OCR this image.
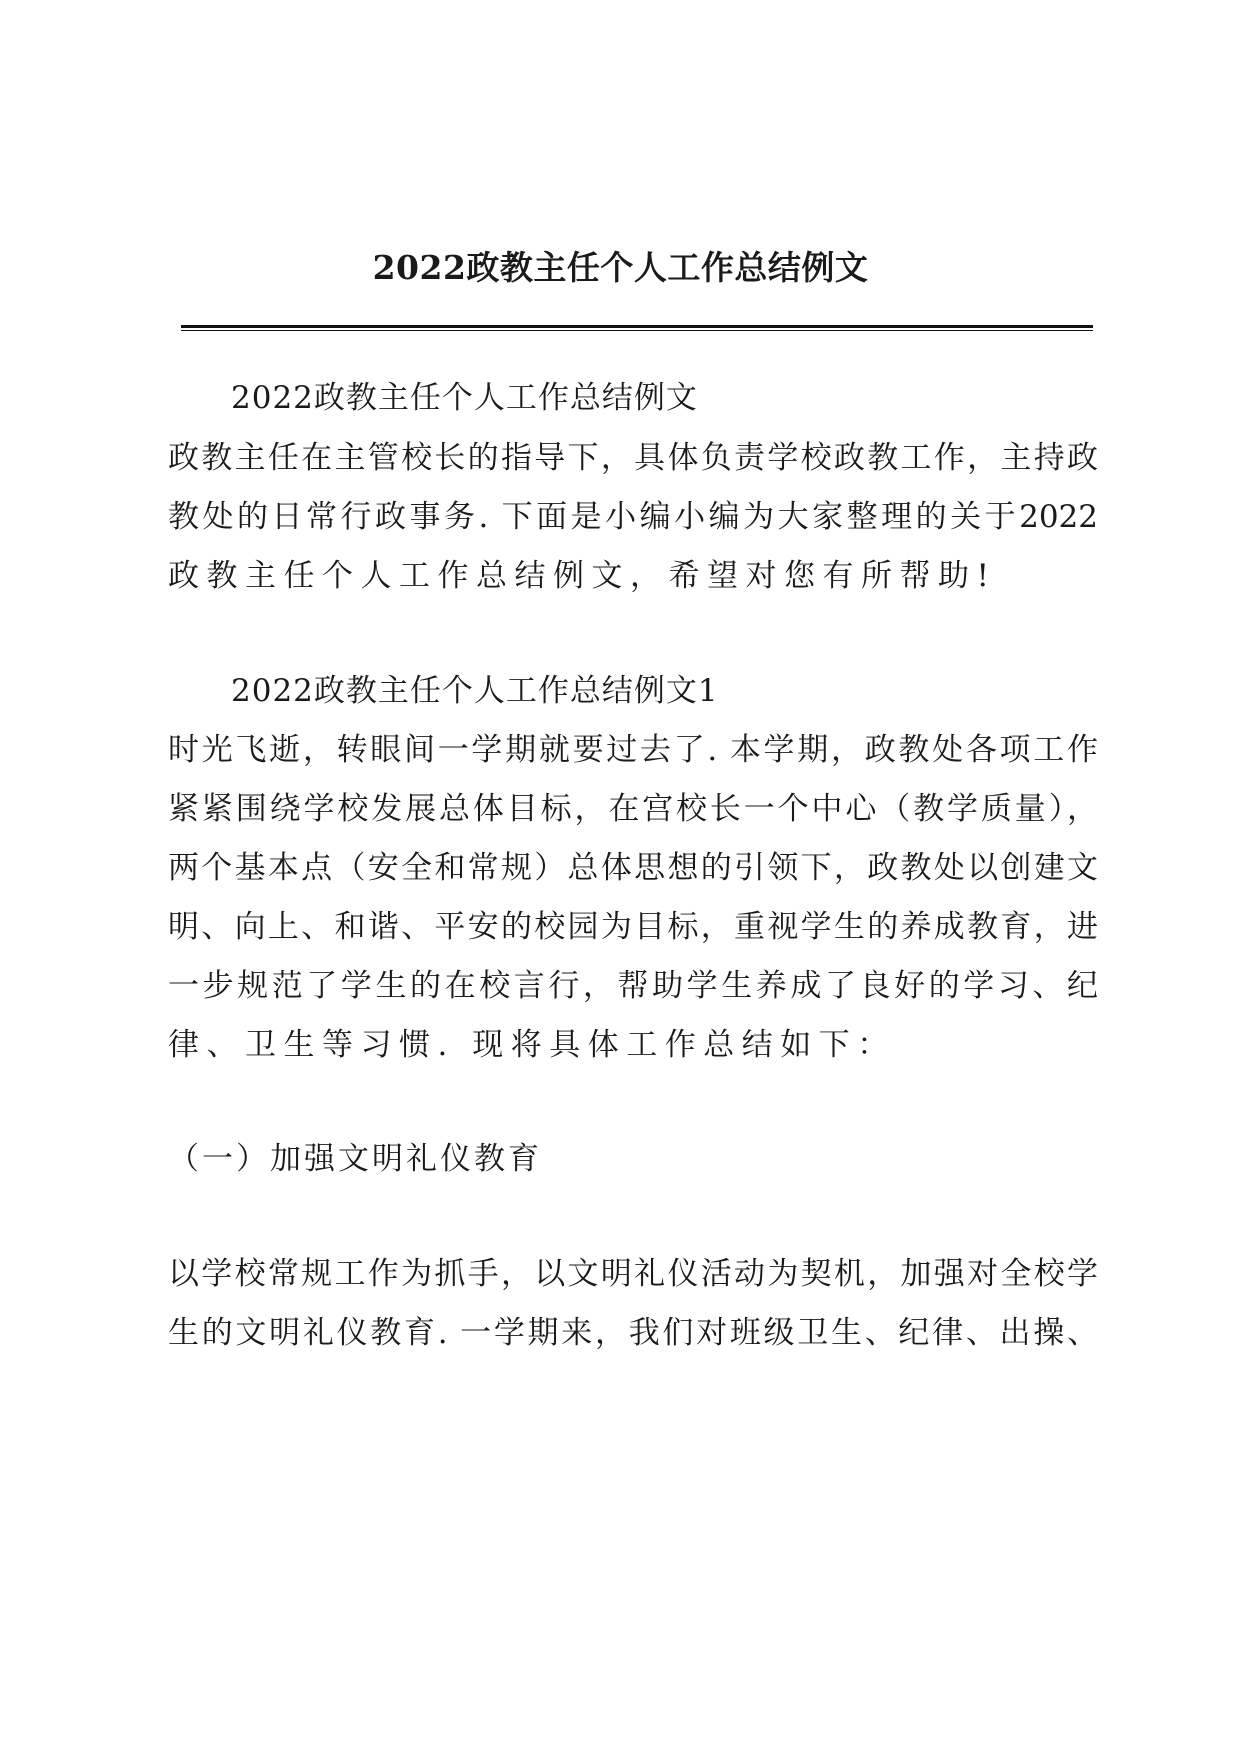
2022政教主任个人工作总结例文

2022政教主任个人工作总结例文

政教主任在主管校长的指导下，具体负责学校政教工作，主持政

教处的日常行政事务. 下面是小编小编为大家整理的关于2022

政教主任个人工作总结例文，希望对您有所帮助!

2022政教主任个人工作总结例文1

时光飞逝，转眼间一学期就要过去了. 本学期，政教处各项工作

紧紧围绕学校发展总体目标，在宫校长一个中心（教学质量），

两个基本点（安全和常规）总体思想的引领下，政教处以创建文

明、向上、和谐、平安的校园为目标，重视学生的养成教育，进

一步规范了学生的在校言行，帮助学生养成了良好的学习、纪

律、卫生等习惯. 现将具体工作总结如下：

（一）加强文明礼仪教育

以学校常规工作为抓手，以文明礼仪活动为契机，加强对全校学

生的文明礼仪教育. 一学期来，我们对班级卫生、纪律、出操、
